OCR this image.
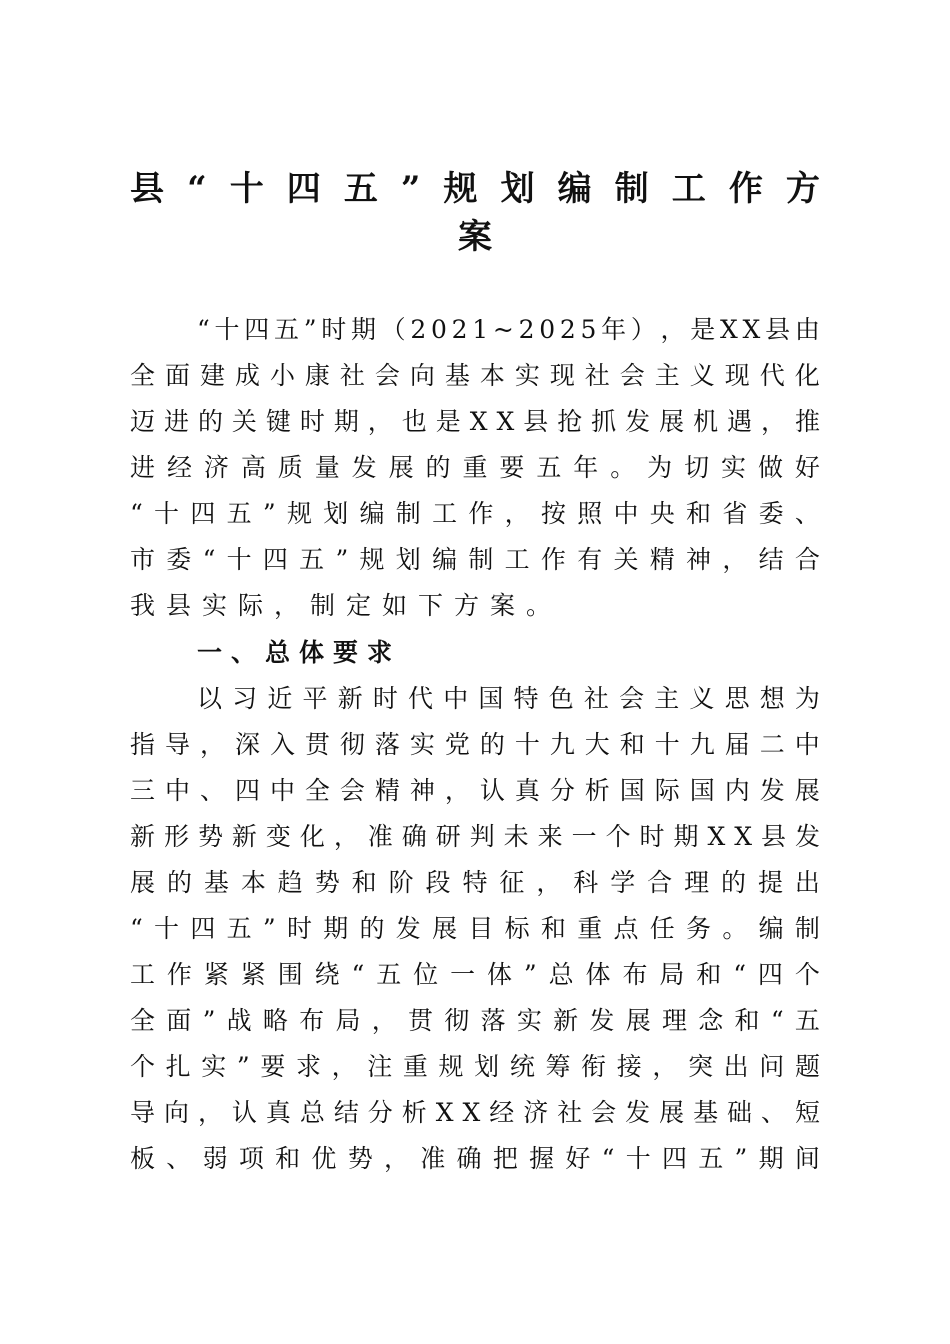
县 “ 十 四 五 ” 规 划 编 制 工 作 方
案
“ 十 四 五 ” 时 期 （ 2 0 2 1 ~ 2 0 2 5 年 ） ， 是 X X 县 由
全 面 建 成 小 康 社 会 向 基 本 实 现 社 会 主 义 现 代 化
迈 进 的 关 键 时 期 ， 也 是 X X 县 抢 抓 发 展 机 遇 ， 推
进 经 济 高 质 量 发 展 的 重 要 五 年 。 为 切 实 做 好
“ 十 四 五 ” 规 划 编 制 工 作 ， 按 照 中 央 和 省 委 、
市 委 “ 十 四 五 ” 规 划 编 制 工 作 有 关 精 神 ， 结 合
我县实际，制定如下方案。
一、总体要求
以 习 近 平 新 时 代 中 国 特 色 社 会 主 义 思 想 为
指 导 ， 深 入 贯 彻 落 实 党 的 十 九 大 和 十 九 届 二 中
三 中 、 四 中 全 会 精 神 ， 认 真 分 析 国 际 国 内 发 展
新 形 势 新 变 化 ， 准 确 研 判 未 来 一 个 时 期 X X 县 发
展 的 基 本 趋 势 和 阶 段 特 征 ， 科 学 合 理 的 提 出
“ 十 四 五 ” 时 期 的 发 展 目 标 和 重 点 任 务 。 编 制
工 作 紧 紧 围 绕 “ 五 位 一 体 ” 总 体 布 局 和 “ 四 个
全 面 ” 战 略 布 局 ， 贯 彻 落 实 新 发 展 理 念 和 “ 五
个 扎 实 ” 要 求 ， 注 重 规 划 统 筹 衔 接 ， 突 出 问 题
导 向 ， 认 真 总 结 分 析 X X 经 济 社 会 发 展 基 础 、 短
板 、 弱 项 和 优 势 ， 准 确 把 握 好 “ 十 四 五 ” 期 间
